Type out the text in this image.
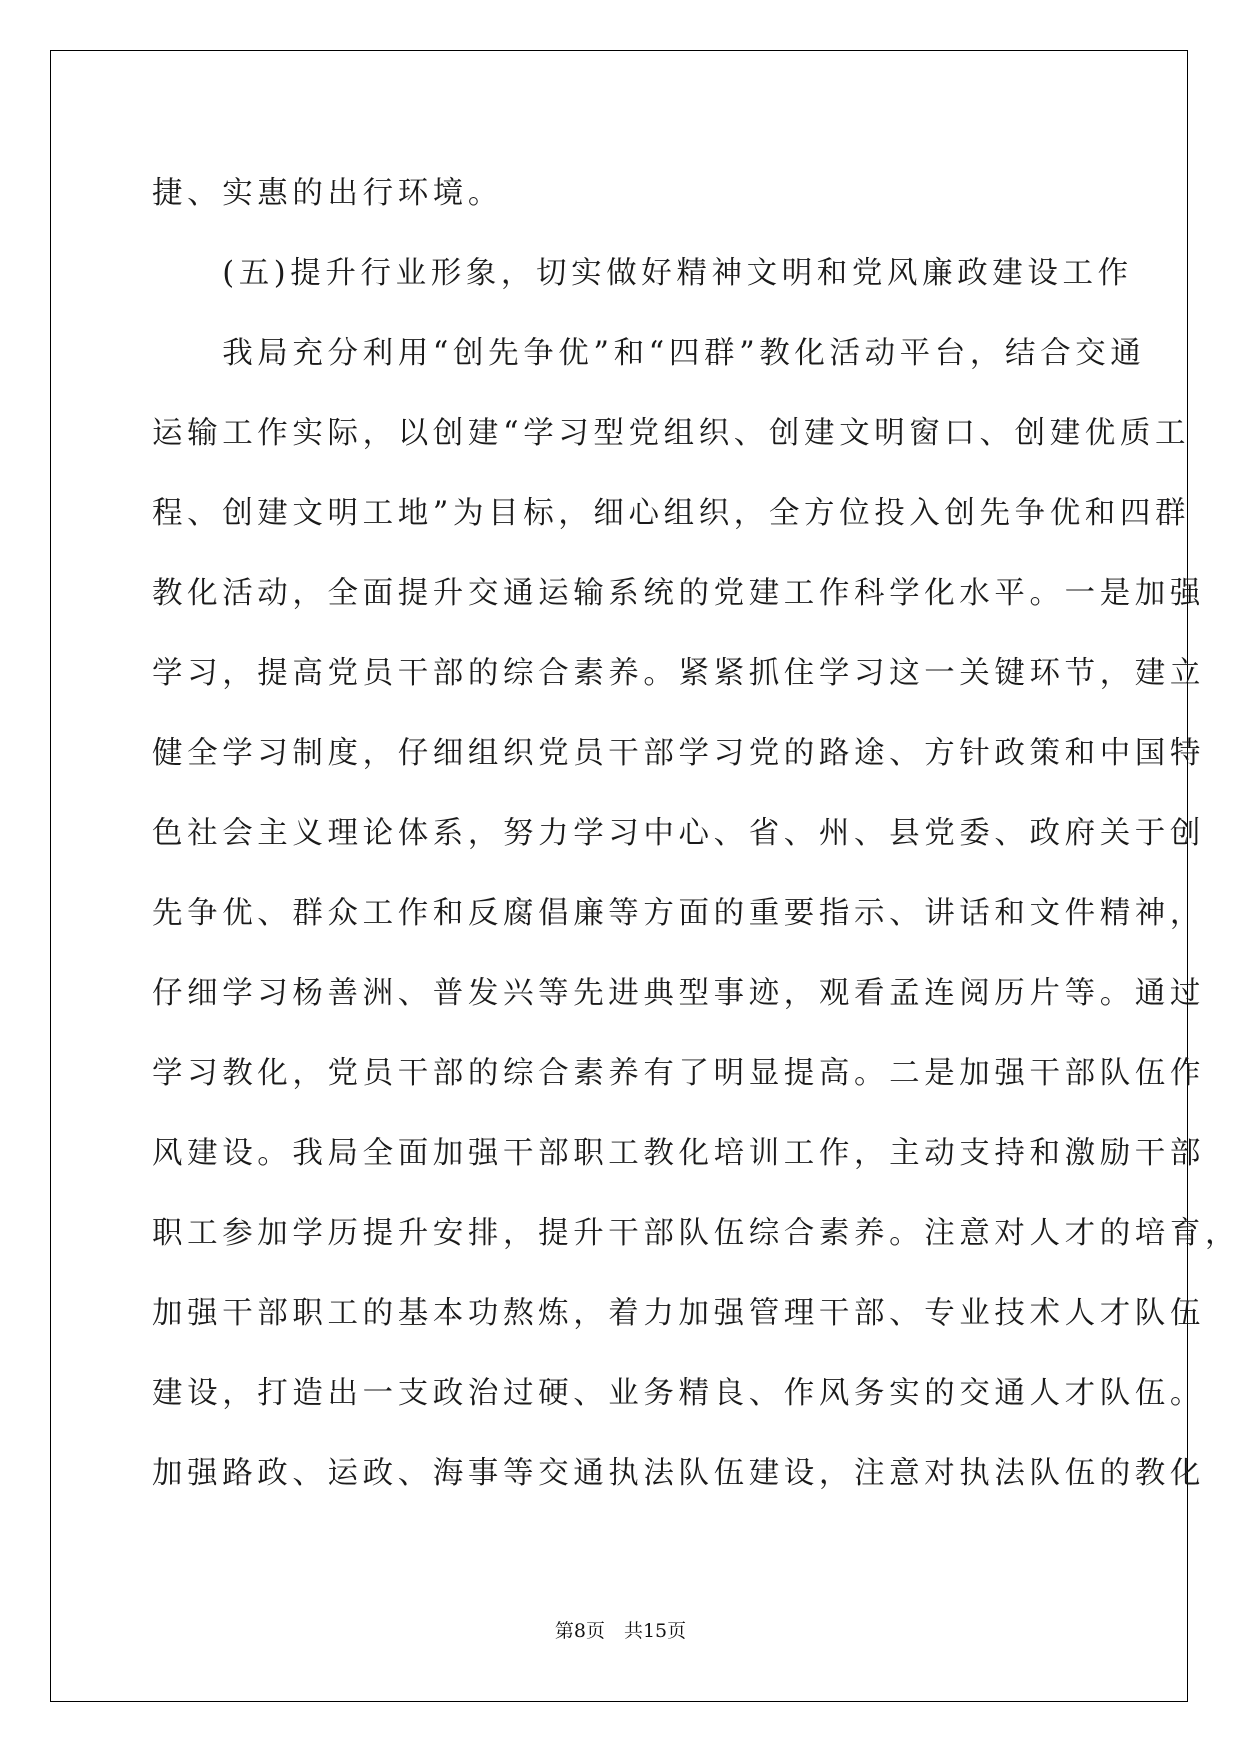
捷、实惠的出行环境。
　　(五)提升行业形象，切实做好精神文明和党风廉政建设工作
　　我局充分利用“创先争优”和“四群”教化活动平台，结合交通
运输工作实际，以创建“学习型党组织、创建文明窗口、创建优质工
程、创建文明工地”为目标，细心组织，全方位投入创先争优和四群
教化活动，全面提升交通运输系统的党建工作科学化水平。一是加强
学习，提高党员干部的综合素养。紧紧抓住学习这一关键环节，建立
健全学习制度，仔细组织党员干部学习党的路途、方针政策和中国特
色社会主义理论体系，努力学习中心、省、州、县党委、政府关于创
先争优、群众工作和反腐倡廉等方面的重要指示、讲话和文件精神，
仔细学习杨善洲、普发兴等先进典型事迹，观看孟连阅历片等。通过
学习教化，党员干部的综合素养有了明显提高。二是加强干部队伍作
风建设。我局全面加强干部职工教化培训工作，主动支持和激励干部
职工参加学历提升安排，提升干部队伍综合素养。注意对人才的培育，
加强干部职工的基本功熬炼，着力加强管理干部、专业技术人才队伍
建设，打造出一支政治过硬、业务精良、作风务实的交通人才队伍。
加强路政、运政、海事等交通执法队伍建设，注意对执法队伍的教化
第8页　共15页
